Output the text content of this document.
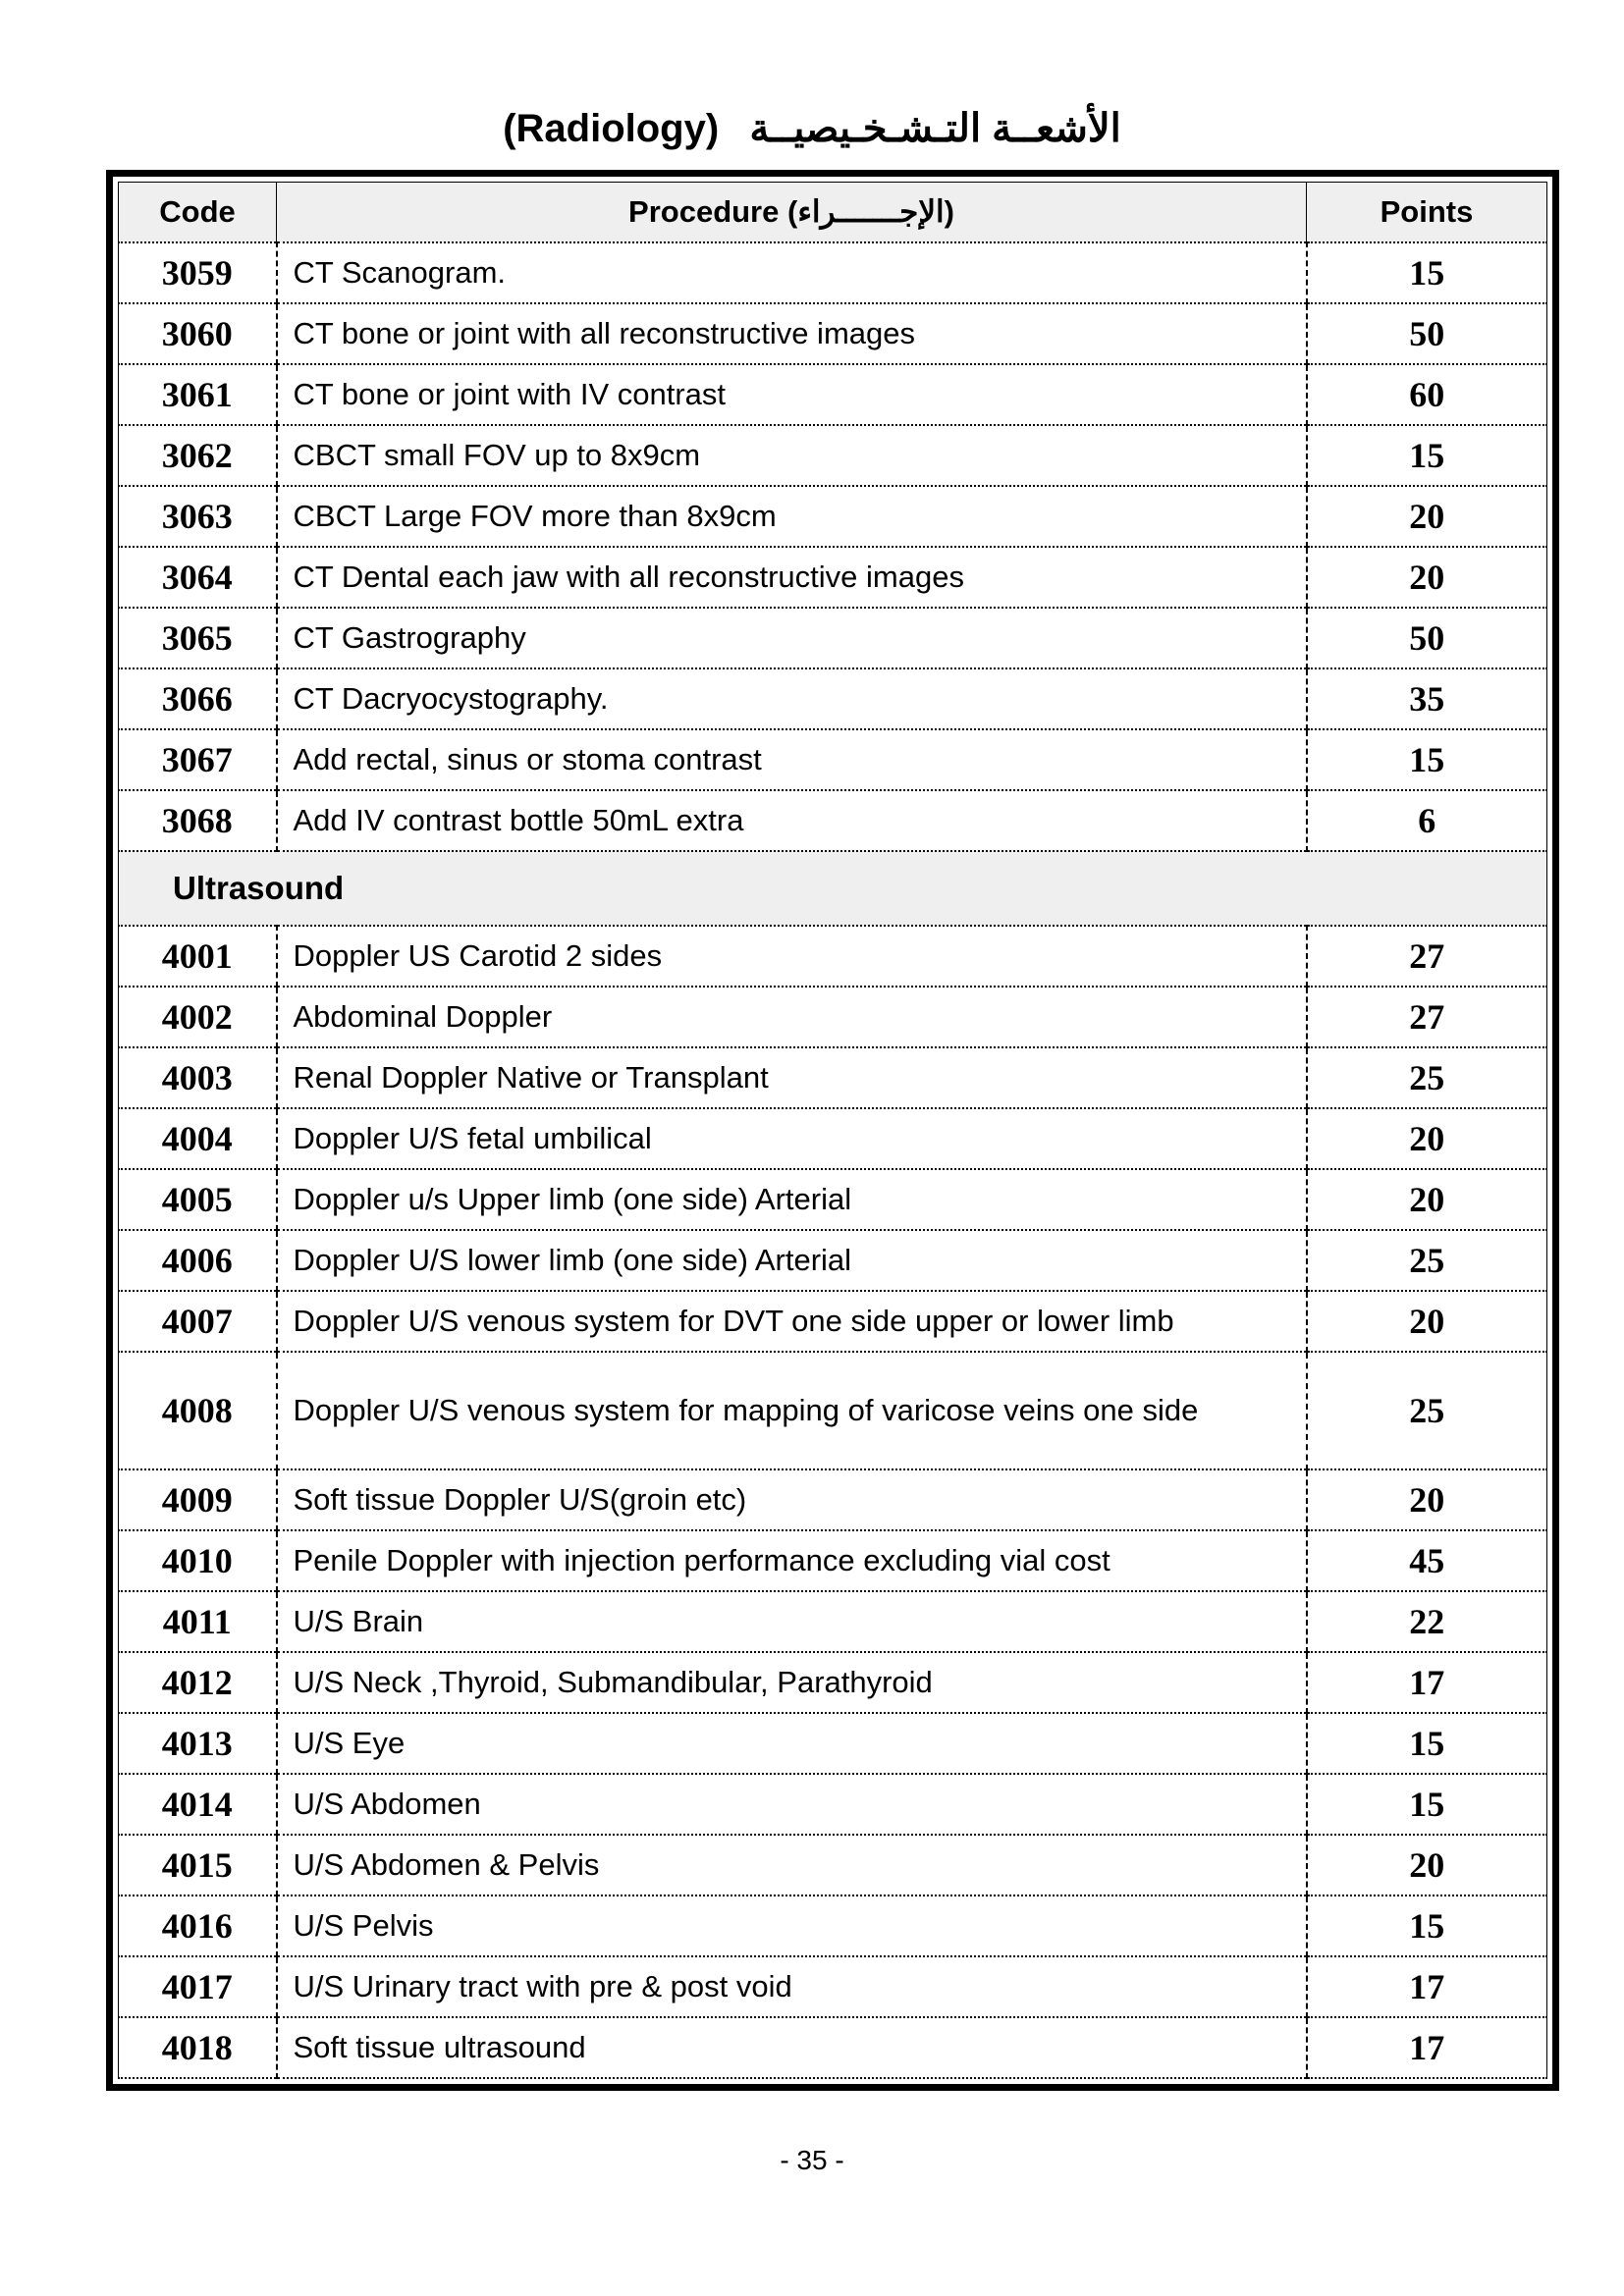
(Radiology) الأشعــة التـشـخـيصيــة
Code	Procedure (الإجـــــــراء)	Points
3059	CT Scanogram.	15
3060	CT bone or joint with all reconstructive images	50
3061	CT bone or joint with IV contrast	60
3062	CBCT small FOV up to 8x9cm	15
3063	CBCT Large FOV more than 8x9cm	20
3064	CT Dental each jaw with all reconstructive images	20
3065	CT Gastrography	50
3066	CT Dacryocystography.	35
3067	Add rectal, sinus or stoma contrast	15
3068	Add IV contrast bottle 50mL extra	6
Ultrasound		
4001	Doppler US Carotid 2 sides	27
4002	Abdominal Doppler	27
4003	Renal Doppler Native or Transplant	25
4004	Doppler U/S fetal umbilical	20
4005	Doppler u/s Upper limb (one side) Arterial	20
4006	Doppler U/S lower limb (one side) Arterial	25
4007	Doppler U/S venous system for DVT one side upper or lower limb	20
4008	Doppler U/S venous system for mapping of varicose veins one side	25
4009	Soft tissue Doppler U/S(groin etc)	20
4010	Penile Doppler with injection performance excluding vial cost	45
4011	U/S Brain	22
4012	U/S Neck ,Thyroid, Submandibular, Parathyroid	17
4013	U/S Eye	15
4014	U/S Abdomen	15
4015	U/S Abdomen & Pelvis	20
4016	U/S Pelvis	15
4017	U/S Urinary tract with pre & post void	17
4018	Soft tissue ultrasound	17
- 35 -
